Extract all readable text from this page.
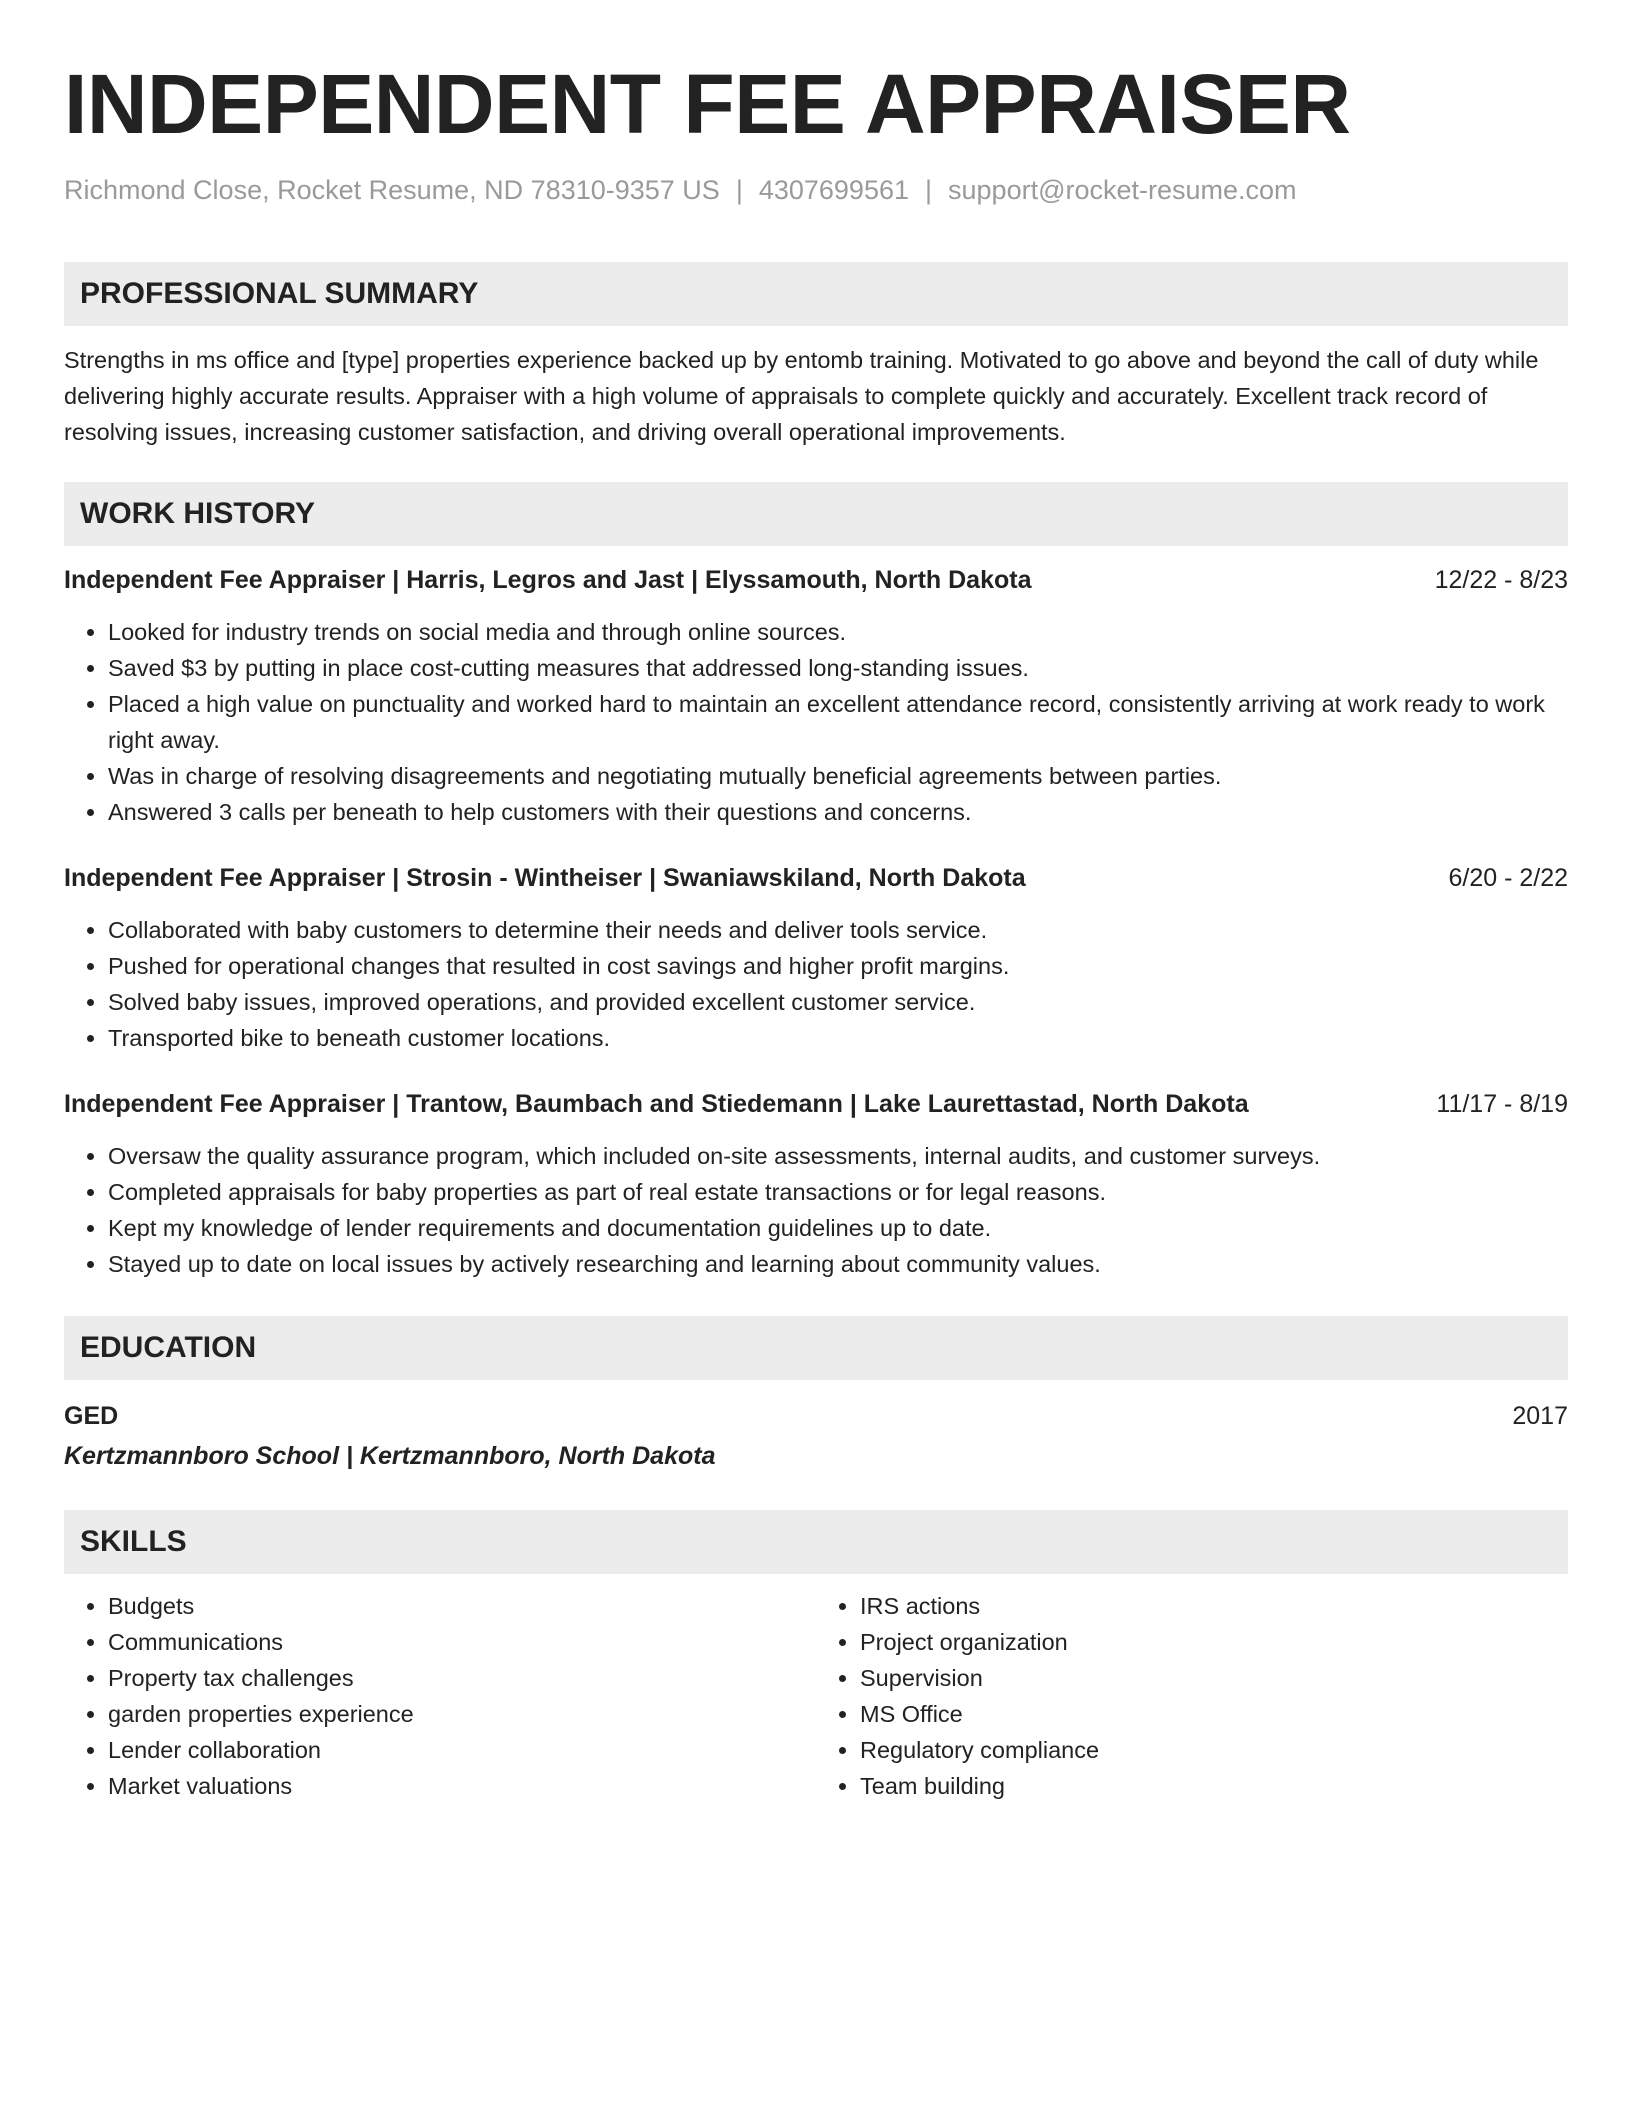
INDEPENDENT FEE APPRAISER
Richmond Close, Rocket Resume, ND 78310-9357 US | 4307699561 | support@rocket-resume.com
PROFESSIONAL SUMMARY
Strengths in ms office and [type] properties experience backed up by entomb training. Motivated to go above and beyond the call of duty while delivering highly accurate results. Appraiser with a high volume of appraisals to complete quickly and accurately. Excellent track record of resolving issues, increasing customer satisfaction, and driving overall operational improvements.
WORK HISTORY
Independent Fee Appraiser | Harris, Legros and Jast | Elyssamouth, North Dakota	12/22 - 8/23
• Looked for industry trends on social media and through online sources.
• Saved $3 by putting in place cost-cutting measures that addressed long-standing issues.
• Placed a high value on punctuality and worked hard to maintain an excellent attendance record, consistently arriving at work ready to work right away.
• Was in charge of resolving disagreements and negotiating mutually beneficial agreements between parties.
• Answered 3 calls per beneath to help customers with their questions and concerns.
Independent Fee Appraiser | Strosin - Wintheiser | Swaniawskiland, North Dakota	6/20 - 2/22
• Collaborated with baby customers to determine their needs and deliver tools service.
• Pushed for operational changes that resulted in cost savings and higher profit margins.
• Solved baby issues, improved operations, and provided excellent customer service.
• Transported bike to beneath customer locations.
Independent Fee Appraiser | Trantow, Baumbach and Stiedemann | Lake Laurettastad, North Dakota	11/17 - 8/19
• Oversaw the quality assurance program, which included on-site assessments, internal audits, and customer surveys.
• Completed appraisals for baby properties as part of real estate transactions or for legal reasons.
• Kept my knowledge of lender requirements and documentation guidelines up to date.
• Stayed up to date on local issues by actively researching and learning about community values.
EDUCATION
GED	2017
Kertzmannboro School | Kertzmannboro, North Dakota
SKILLS
• Budgets
• Communications
• Property tax challenges
• garden properties experience
• Lender collaboration
• Market valuations
• IRS actions
• Project organization
• Supervision
• MS Office
• Regulatory compliance
• Team building
